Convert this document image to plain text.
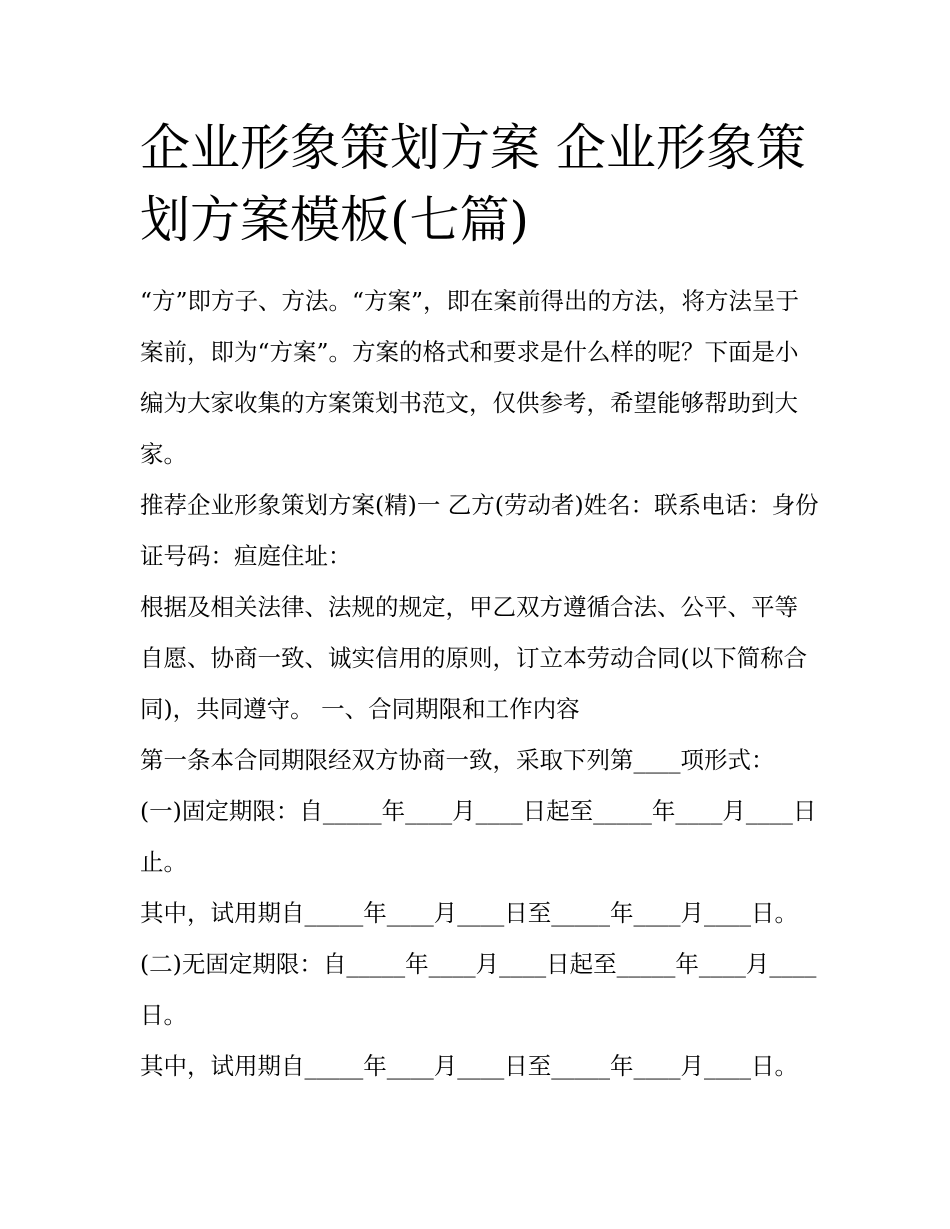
企业形象策划方案 企业形象策划方案模板(七篇)

“方”即方子、方法。“方案”，即在案前得出的方法，将方法呈于案前，即为“方案”。方案的格式和要求是什么样的呢？下面是小编为大家收集的方案策划书范文，仅供参考，希望能够帮助到大家。

推荐企业形象策划方案(精)一 乙方(劳动者)姓名：联系电话：身份证号码：疸庭住址：

根据及相关法律、法规的规定，甲乙双方遵循合法、公平、平等自愿、协商一致、诚实信用的原则，订立本劳动合同(以下简称合同)，共同遵守。 一、合同期限和工作内容

第一条本合同期限经双方协商一致，采取下列第____项形式：

(一)固定期限：自_____年____月____日起至_____年____月____日止。

其中，试用期自_____年____月____日至_____年____月____日。

(二)无固定期限：自_____年____月____日起至_____年____月____日。

其中，试用期自_____年____月____日至_____年____月____日。
